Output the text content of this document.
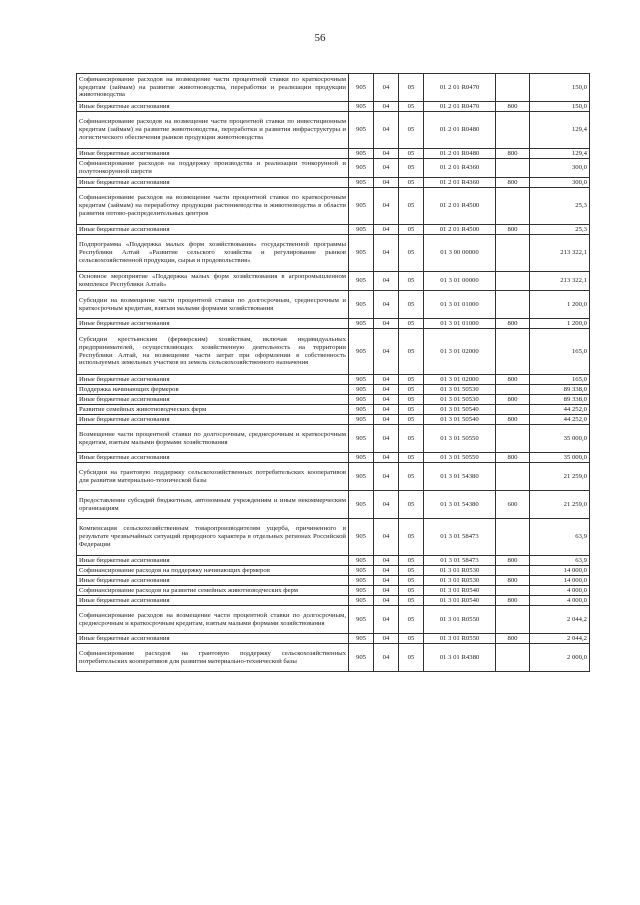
56
Софинансирование расходов на возмещение части процентной ставки по краткосрочным кредитам (займам) на развитие животноводства, переработки и реализации продукции животноводства	905	04	05	01 2 01 R0470		150,0
Иные бюджетные ассигнования	905	04	05	01 2 01 R0470	800	150,0
Софинансирование расходов на возмещение части процентной ставки по инвестиционным кредитам (займам) на развитие животноводства, переработки и развития инфраструктуры и логистического обеспечения рынков продукции животноводства	905	04	05	01 2 01 R0480		129,4
Иные бюджетные ассигнования	905	04	05	01 2 01 R0480	800	129,4
Софинансирование расходов на поддержку производства и реализации тонкорунной и полутонкорунной шерсти	905	04	05	01 2 01 R4360		300,0
Иные бюджетные ассигнования	905	04	05	01 2 01 R4360	800	300,0
Софинансирование расходов на возмещение части процентной ставки по краткосрочным кредитам (займам) на переработку продукции растениеводства и животноводства в области развития оптово-распределительных центров	905	04	05	01 2 01 R4500		25,3
Иные бюджетные ассигнования	905	04	05	01 2 01 R4500	800	25,3
Подпрограмма «Поддержка малых форм хозяйствования» государственной программы Республики Алтай «Развитие сельского хозяйства и регулирование рынков сельскохозяйственной продукции, сырья и продовольствия»	905	04	05	01 3 00 00000		213 322,1
Основное мероприятие «Поддержка малых форм хозяйствования в агропромышленном комплексе Республики Алтай»	905	04	05	01 3 01 00000		213 322,1
Субсидии на возмещение части процентной ставки по долгосрочным, среднесрочным и краткосрочным кредитам, взятым малыми формами хозяйствования	905	04	05	01 3 01 01000		1 200,0
Иные бюджетные ассигнования	905	04	05	01 3 01 01000	800	1 200,0
Субсидии крестьянским (фермерским) хозяйствам, включая индивидуальных предпринимателей, осуществляющих хозяйственную деятельность на территории Республики Алтай, на возмещение части затрат при оформлении в собственность используемых земельных участков из земель сельскохозяйственного назначения	905	04	05	01 3 01 02000		165,0
Иные бюджетные ассигнования	905	04	05	01 3 01 02000	800	165,0
Поддержка начинающих фермеров	905	04	05	01 3 01 50530		89 338,0
Иные бюджетные ассигнования	905	04	05	01 3 01 50530	800	89 338,0
Развитие семейных животноводческих ферм	905	04	05	01 3 01 50540		44 252,0
Иные бюджетные ассигнования	905	04	05	01 3 01 50540	800	44 252,0
Возмещение части процентной ставки по долгосрочным, среднесрочным и краткосрочным кредитам, взятым малыми формами хозяйствования	905	04	05	01 3 01 50550		35 000,0
Иные бюджетные ассигнования	905	04	05	01 3 01 50550	800	35 000,0
Субсидии на грантовую поддержку сельскохозяйственных потребительских кооперативов для развития материально-технической базы	905	04	05	01 3 01 54380		21 259,0
Предоставление субсидий бюджетным, автономным учреждениям и иным некоммерческим организациям	905	04	05	01 3 01 54380	600	21 259,0
Компенсация сельскохозяйственным товаропроизводителям ущерба, причиненного в результате чрезвычайных ситуаций природного характера в отдельных регионах Российской Федерации	905	04	05	01 3 01 58473		63,9
Иные бюджетные ассигнования	905	04	05	01 3 01 58473	800	63,9
Софинансирование расходов на поддержку начинающих фермеров	905	04	05	01 3 01 R0530		14 000,0
Иные бюджетные ассигнования	905	04	05	01 3 01 R0530	800	14 000,0
Софинансирование расходов на развитие семейных животноводческих ферм	905	04	05	01 3 01 R0540		4 000,0
Иные бюджетные ассигнования	905	04	05	01 3 01 R0540	800	4 000,0
Софинансирование расходов на возмещение части процентной ставки по долгосрочным, среднесрочным и краткосрочным кредитам, взятым малыми формами хозяйствования	905	04	05	01 3 01 R0550		2 044,2
Иные бюджетные ассигнования	905	04	05	01 3 01 R0550	800	2 044,2
Софинансирование расходов на грантовую поддержку сельскохозяйственных потребительских кооперативов для развития материально-технической базы	905	04	05	01 3 01 R4380		2 000,0
